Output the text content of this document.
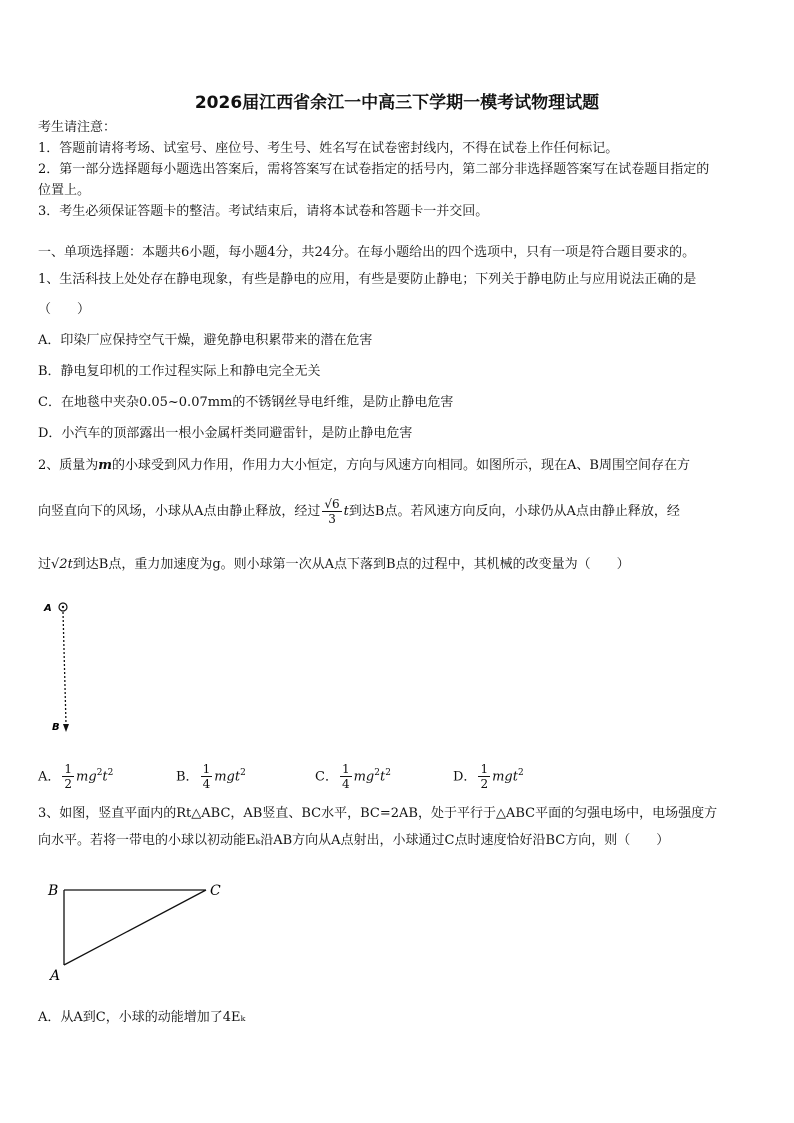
2026届江西省余江一中高三下学期一模考试物理试题
考生请注意：
1．答题前请将考场、试室号、座位号、考生号、姓名写在试卷密封线内，不得在试卷上作任何标记。
2．第一部分选择题每小题选出答案后，需将答案写在试卷指定的括号内，第二部分非选择题答案写在试卷题目指定的
位置上。
3．考生必须保证答题卡的整洁。考试结束后，请将本试卷和答题卡一并交回。
一、单项选择题：本题共6小题，每小题4分，共24分。在每小题给出的四个选项中，只有一项是符合题目要求的。
1、生活科技上处处存在静电现象，有些是静电的应用，有些是要防止静电；下列关于静电防止与应用说法正确的是
（　　）
A．印染厂应保持空气干燥，避免静电积累带来的潜在危害
B．静电复印机的工作过程实际上和静电完全无关
C．在地毯中夹杂0.05~0.07mm的不锈钢丝导电纤维，是防止静电危害
D．小汽车的顶部露出一根小金属杆类同避雷针，是防止静电危害
2、质量为m的小球受到风力作用，作用力大小恒定，方向与风速方向相同。如图所示，现在A、B周围空间存在方
向竖直向下的风场，小球从A点由静止释放，经过 $\frac{√6}{3}$ t到达B点。若风速方向反向，小球仍从A点由静止释放，经
过√2t到达B点，重力加速度为g。则小球第一次从A点下落到B点的过程中，其机械的改变量为（　　）
A
B
A． $\frac{1}{2} mg^2t^2$	B． $\frac{1}{4} mgt^2$	C． $\frac{1}{4} mg^2t^2$	D． $\frac{1}{2} mgt^2$
3、如图，竖直平面内的Rt△ABC，AB竖直、BC水平，BC=2AB，处于平行于△ABC平面的匀强电场中，电场强度方
向水平。若将一带电的小球以初动能Eₖ沿AB方向从A点射出，小球通过C点时速度恰好沿BC方向，则（　　）
B	C
A
A．从A到C，小球的动能增加了4Eₖ
